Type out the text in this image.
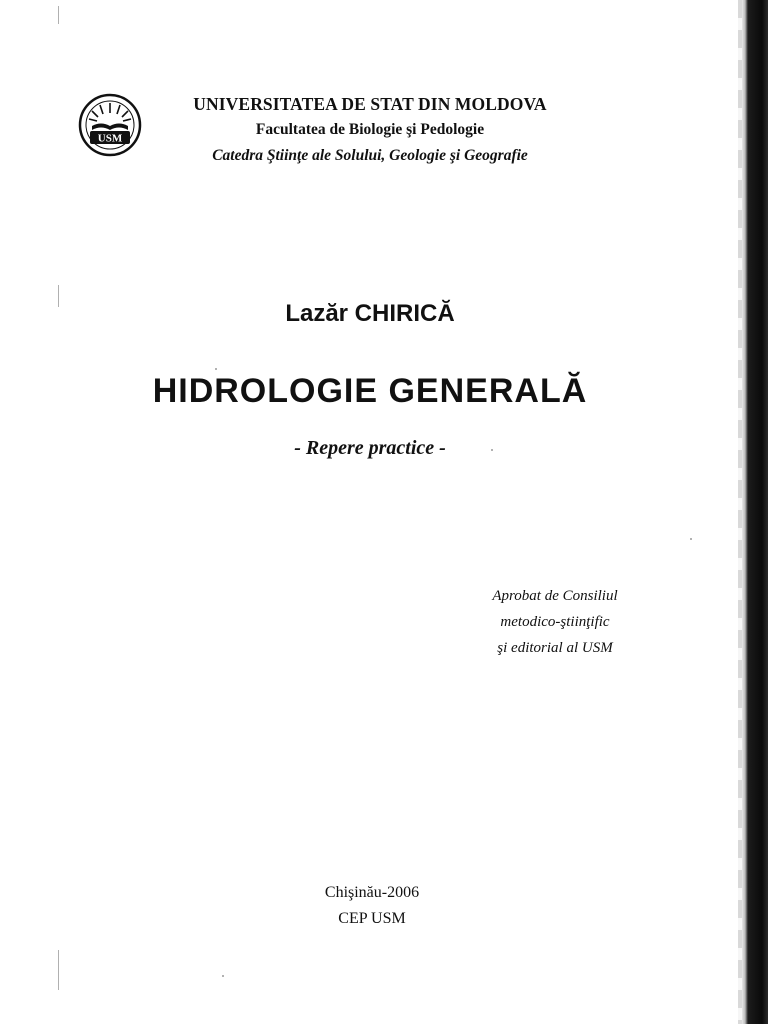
USM
UNIVERSITATEA DE STAT DIN MOLDOVA
Facultatea de Biologie şi Pedologie
Catedra Ştiinţe ale Solului, Geologie şi Geografie
Lazăr CHIRICĂ
HIDROLOGIE GENERALĂ
- Repere practice -
Aprobat de Consiliul
metodico-ştiinţific
şi editorial al USM
Chişinău-2006
CEP USM
